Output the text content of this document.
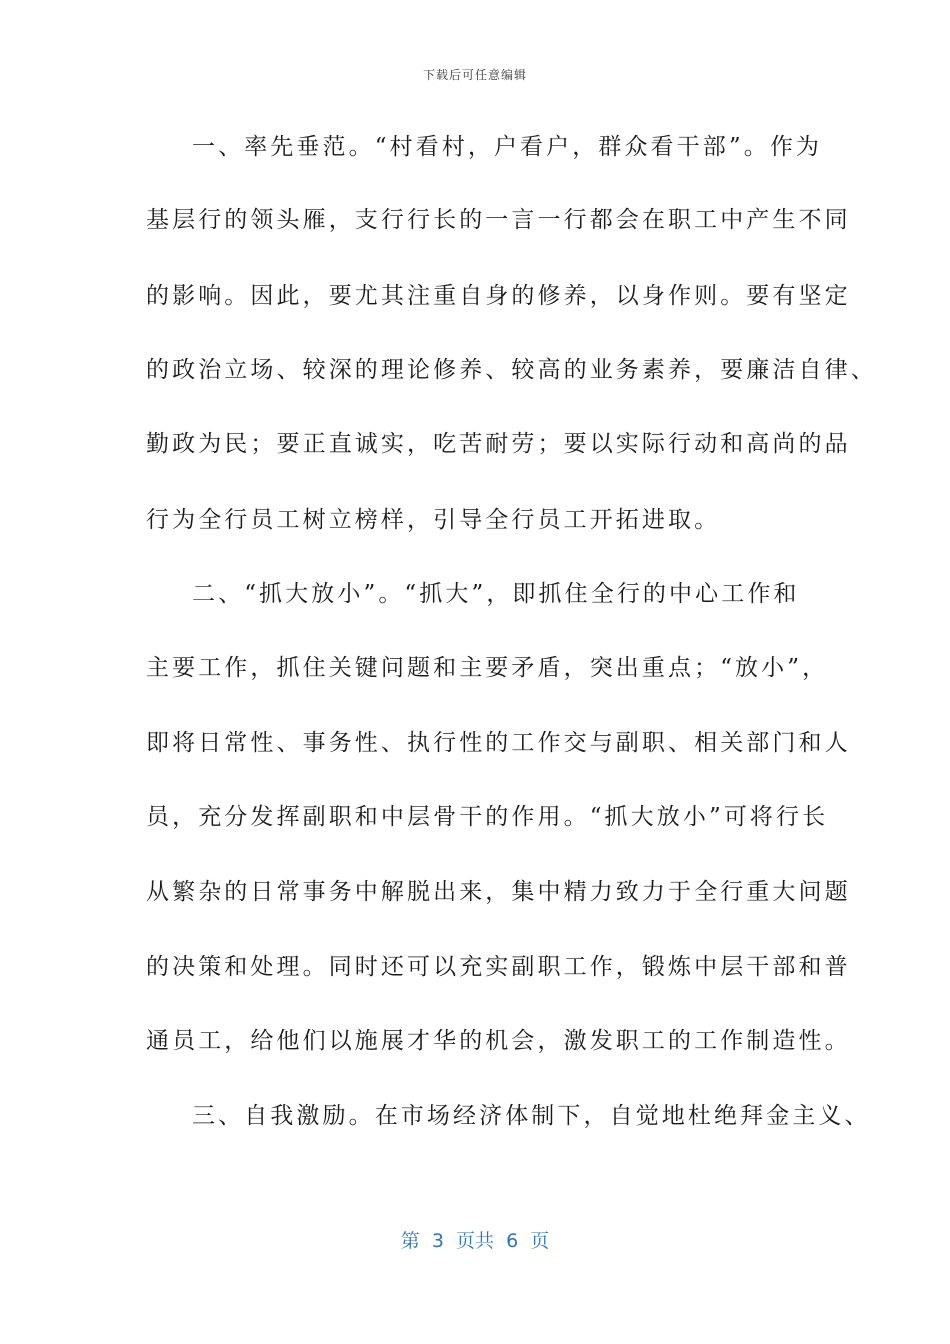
下载后可任意编辑
一、率先垂范。“村看村，户看户，群众看干部”。作为
基层行的领头雁，支行行长的一言一行都会在职工中产生不同
的影响。因此，要尤其注重自身的修养，以身作则。要有坚定
的政治立场、较深的理论修养、较高的业务素养，要廉洁自律、
勤政为民；要正直诚实，吃苦耐劳；要以实际行动和高尚的品
行为全行员工树立榜样，引导全行员工开拓进取。
二、“抓大放小”。“抓大”，即抓住全行的中心工作和
主要工作，抓住关键问题和主要矛盾，突出重点；“放小”，
即将日常性、事务性、执行性的工作交与副职、相关部门和人
员，充分发挥副职和中层骨干的作用。“抓大放小”可将行长
从繁杂的日常事务中解脱出来，集中精力致力于全行重大问题
的决策和处理。同时还可以充实副职工作，锻炼中层干部和普
通员工，给他们以施展才华的机会，激发职工的工作制造性。
三、自我激励。在市场经济体制下，自觉地杜绝拜金主义、
第  3  页共  6  页
